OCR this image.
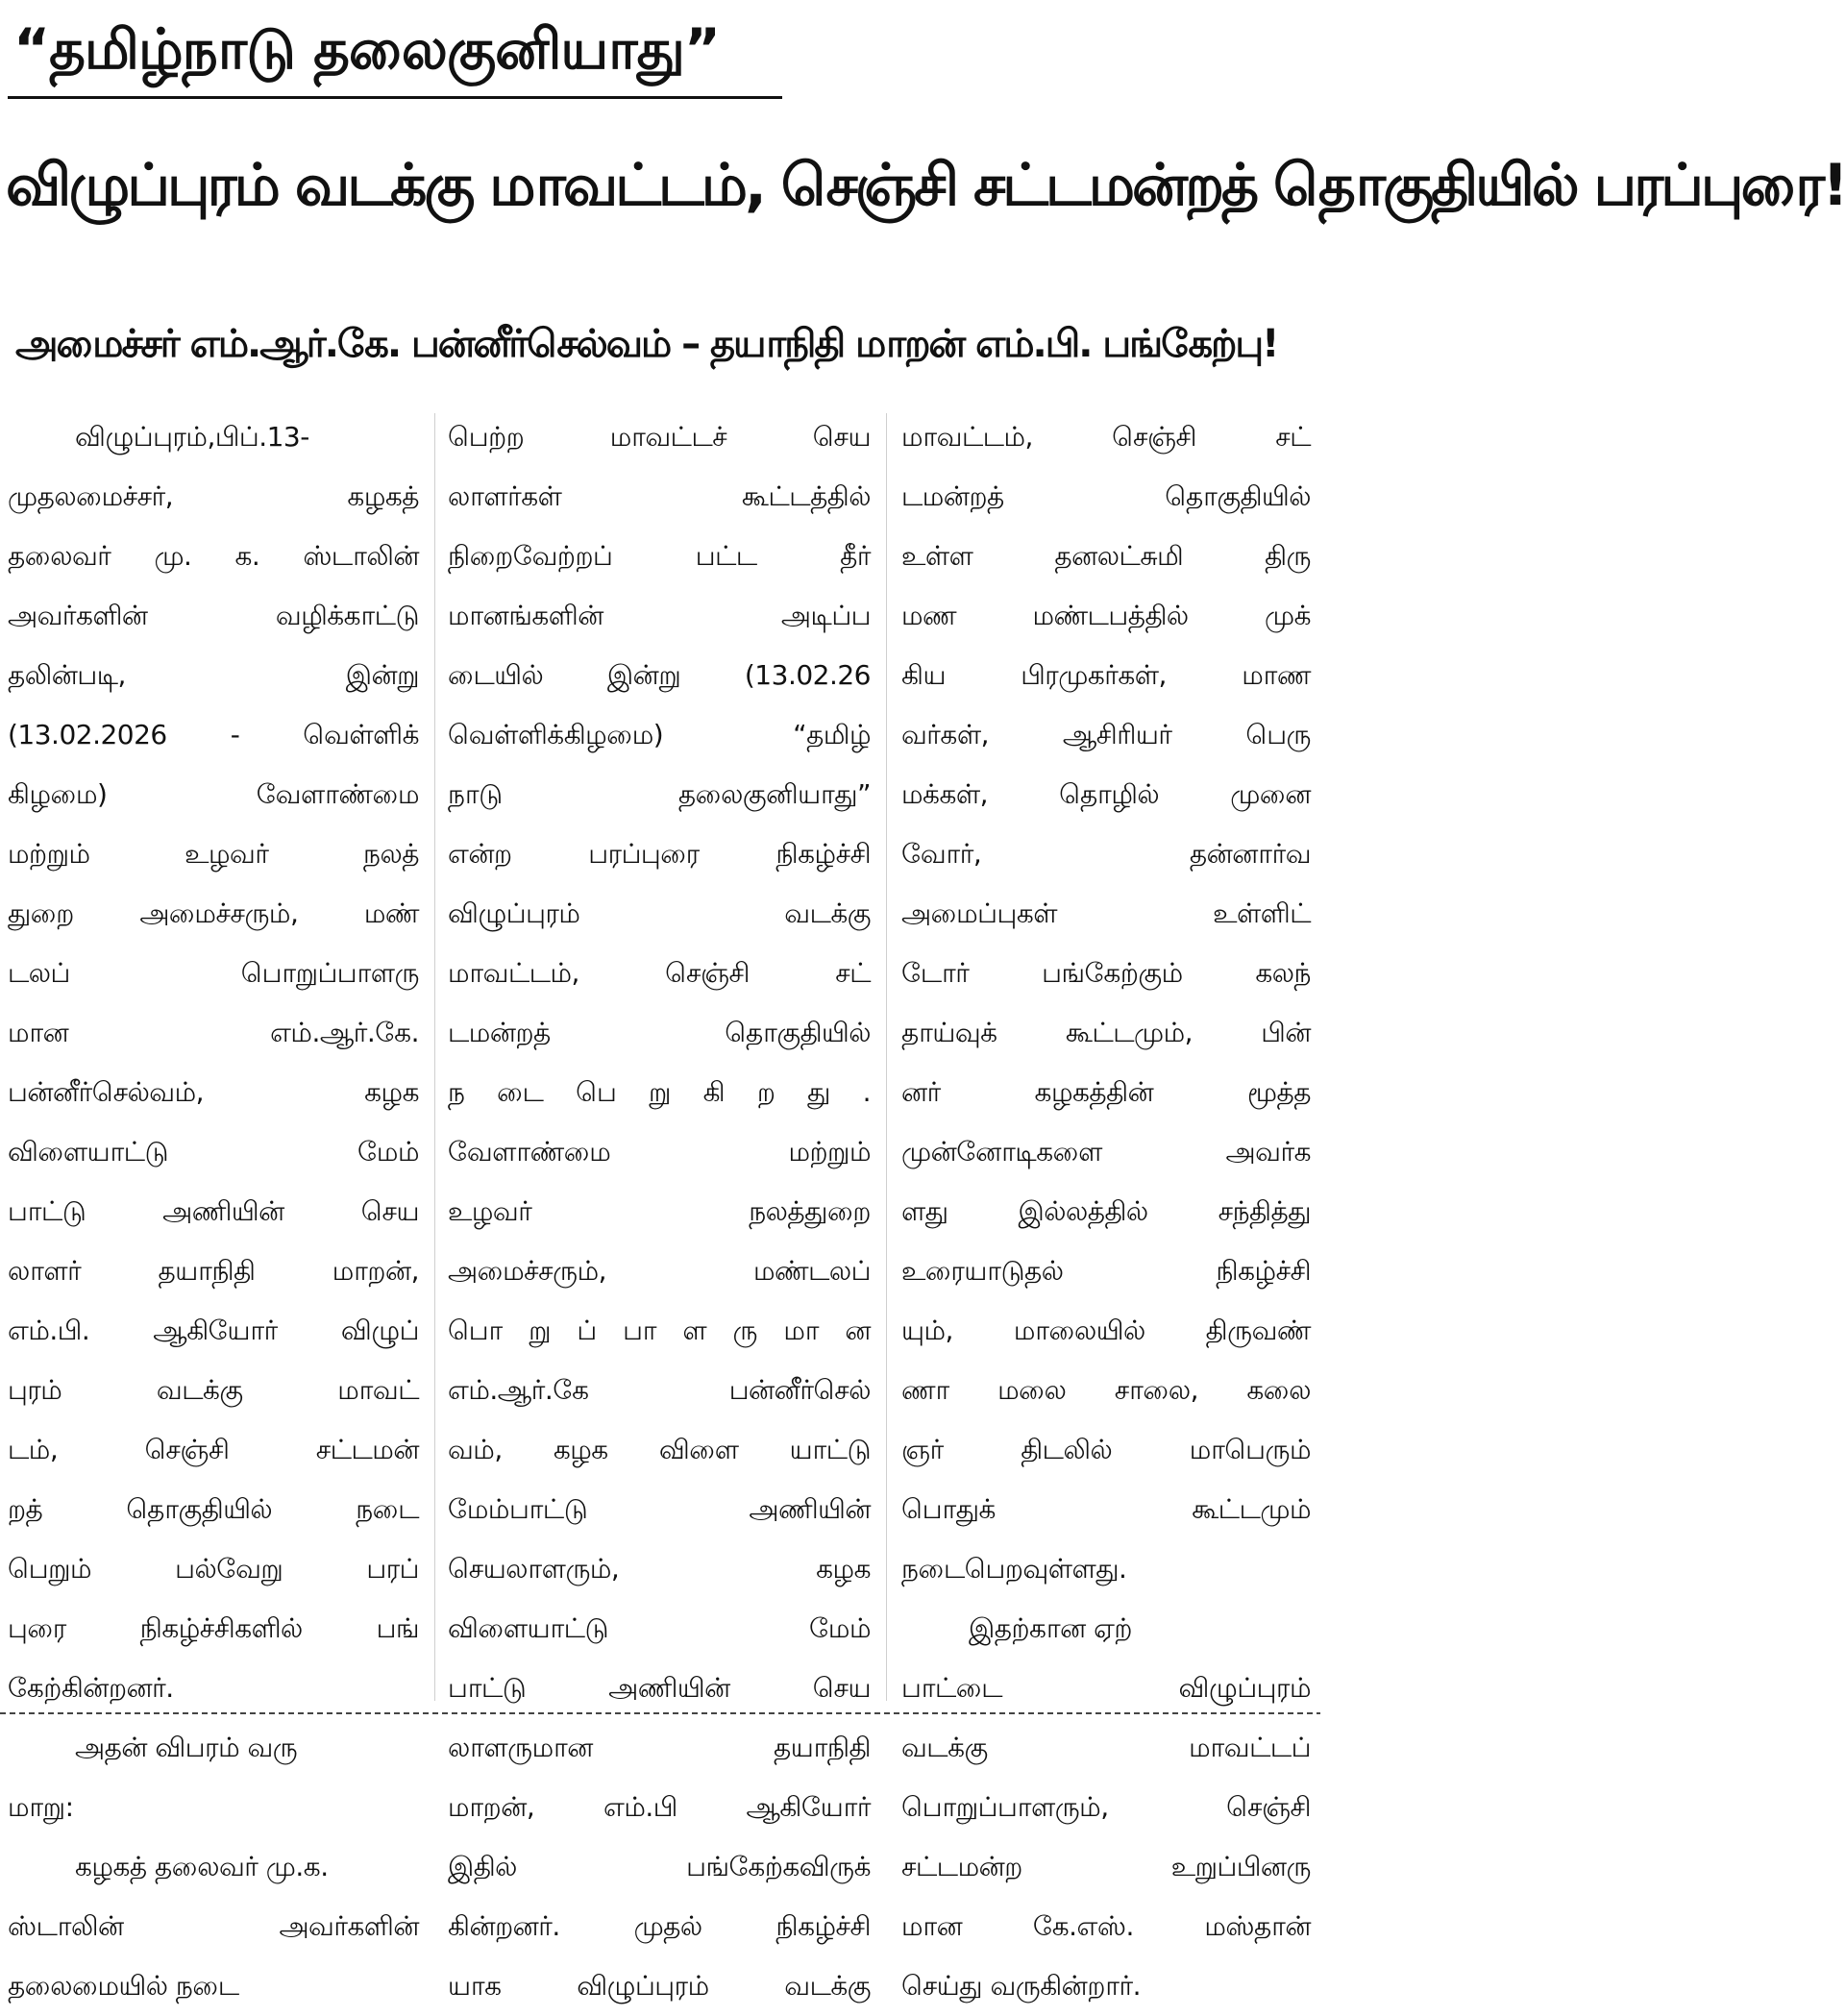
“தமிழ்நாடு தலைகுனியாது”
விழுப்புரம் வடக்கு மாவட்டம், செஞ்சி சட்டமன்றத் தொகுதியில் பரப்புரை!
அமைச்சர் எம்.ஆர்.கே. பன்னீர்செல்வம் – தயாநிதி மாறன் எம்.பி. பங்கேற்பு!
விழுப்புரம்,பிப்.13-
முதலமைச்சர், கழகத்
தலைவர் மு. க. ஸ்டாலின்
அவர்களின் வழிக்காட்டு
தலின்படி, இன்று
(13.02.2026 - வெள்ளிக்
கிழமை) வேளாண்மை
மற்றும் உழவர் நலத்
துறை அமைச்சரும், மண்
டலப் பொறுப்பாளரு
மான எம்.ஆர்.கே.
பன்னீர்செல்வம், கழக
விளையாட்டு மேம்
பாட்டு அணியின் செய
லாளர் தயாநிதி மாறன்,
எம்.பி. ஆகியோர் விழுப்
புரம் வடக்கு மாவட்
டம், செஞ்சி சட்டமன்
றத் தொகுதியில் நடை
பெறும் பல்வேறு பரப்
புரை நிகழ்ச்சிகளில் பங்
கேற்கின்றனர்.
அதன் விபரம் வரு
மாறு:
கழகத் தலைவர் மு.க.
ஸ்டாலின் அவர்களின்
தலைமையில் நடை
பெற்ற மாவட்டச் செய
லாளர்கள் கூட்டத்தில்
நிறைவேற்றப் பட்ட தீர்
மானங்களின் அடிப்ப
டையில் இன்று (13.02.26
வெள்ளிக்கிழமை) “தமிழ்
நாடு தலைகுனியாது”
என்ற பரப்புரை நிகழ்ச்சி
விழுப்புரம் வடக்கு
மாவட்டம், செஞ்சி சட்
டமன்றத் தொகுதியில்
ந டை பெ று கி ற து .
வேளாண்மை மற்றும்
உழவர் நலத்துறை
அமைச்சரும், மண்டலப்
பொ று ப் பா ள ரு மா ன
எம்.ஆர்.கே பன்னீர்செல்
வம், கழக விளை யாட்டு
மேம்பாட்டு அணியின்
செயலாளரும், கழக
விளையாட்டு மேம்
பாட்டு அணியின் செய
லாளருமான தயாநிதி
மாறன், எம்.பி ஆகியோர்
இதில் பங்கேற்கவிருக்
கின்றனர். முதல் நிகழ்ச்சி
யாக விழுப்புரம் வடக்கு
மாவட்டம், செஞ்சி சட்
டமன்றத் தொகுதியில்
உள்ள தனலட்சுமி திரு
மண மண்டபத்தில் முக்
கிய பிரமுகர்கள், மாண
வர்கள், ஆசிரியர் பெரு
மக்கள், தொழில் முனை
வோர், தன்னார்வ
அமைப்புகள் உள்ளிட்
டோர் பங்கேற்கும் கலந்
தாய்வுக் கூட்டமும், பின்
னர் கழகத்தின் மூத்த
முன்னோடிகளை அவர்க
ளது இல்லத்தில் சந்தித்து
உரையாடுதல் நிகழ்ச்சி
யும், மாலையில் திருவண்
ணா மலை சாலை, கலை
ஞர் திடலில் மாபெரும்
பொதுக் கூட்டமும்
நடைபெறவுள்ளது.
இதற்கான ஏற்
பாட்டை விழுப்புரம்
வடக்கு மாவட்டப்
பொறுப்பாளரும், செஞ்சி
சட்டமன்ற உறுப்பினரு
மான கே.எஸ். மஸ்தான்
செய்து வருகின்றார்.
